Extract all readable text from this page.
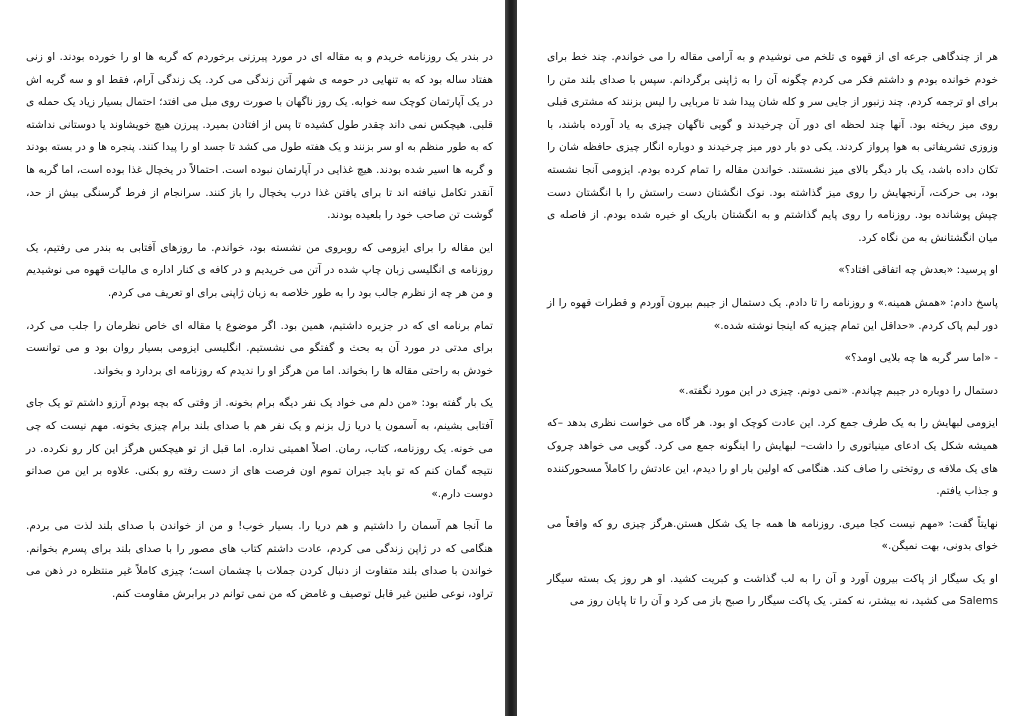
در بندر یک روزنامه خریدم و به مقاله ای در مورد پیرزنی برخوردم که گربه ها او را خورده بودند. او زنی هفتاد ساله بود که به تنهایی در حومه ی شهر آتن زندگی می کرد. یک زندگی آرام، فقط او و سه گربه اش در یک آپارتمان کوچک سه خوابه. یک روز ناگهان با صورت روی مبل می افتد؛ احتمال بسیار زیاد یک حمله ی قلبی. هیچکس نمی داند چقدر طول کشیده تا پس از افتادن بمیرد. پیرزن هیچ خویشاوند یا دوستانی نداشته که به طور منظم به او سر بزنند و یک هفته طول می کشد تا جسد او را پیدا کنند. پنجره ها و در بسته بودند و گربه ها اسیر شده بودند. هیچ غذایی در آپارتمان نبوده است. احتمالاً در یخچال غذا بوده است، اما گربه ها آنقدر تکامل نیافته اند تا برای یافتن غذا درب یخچال را باز کنند. سرانجام از فرط گرسنگی بیش از حد، گوشت تن صاحب خود را بلعیده بودند.

این مقاله را برای ایزومی که روبروی من نشسته بود، خواندم. ما روزهای آفتابی به بندر می رفتیم، یک روزنامه ی انگلیسی زبان چاپ شده در آتن می خریدیم و در کافه ی کنار اداره ی مالیات قهوه می نوشیدیم و من هر چه از نظرم جالب بود را به طور خلاصه به زبان ژاپنی برای او تعریف می کردم.

تمام برنامه ای که در جزیره داشتیم، همین بود. اگر موضوع یا مقاله ای خاص نظرمان را جلب می کرد، برای مدتی در مورد آن به بحث و گفتگو می نشستیم. انگلیسی ایزومی بسیار روان بود و می توانست خودش به راحتی مقاله ها را بخواند. اما من هرگز او را ندیدم که روزنامه ای بردارد و بخواند.

یک بار گفته بود: «من دلم می خواد یک نفر دیگه برام بخونه. از وقتی که بچه بودم آرزو داشتم تو یک جای آفتابی بشینم، به آسمون یا دریا زل بزنم و یک نفر هم با صدای بلند برام چیزی بخونه. مهم نیست که چی می خونه. یک روزنامه، کتاب، رمان. اصلاً اهمیتی نداره. اما قبل از تو هیچکس هرگز این کار رو نکرده. در نتیجه گمان کنم که تو باید جبران تموم اون فرصت های از دست رفته رو بکنی. علاوه بر این من صداتو دوست دارم.»

ما آنجا هم آسمان را داشتیم و هم دریا را. بسیار خوب! و من از خواندن با صدای بلند لذت می بردم. هنگامی که در ژاپن زندگی می کردم، عادت داشتم کتاب های مصور را با صدای بلند برای پسرم بخوانم. خواندن با صدای بلند متفاوت از دنبال کردن جملات با چشمان است؛ چیزی کاملاً غیر منتظره در ذهن می تراود، نوعی طنین غیر قابل توصیف و غامض که من نمی توانم در برابرش مقاومت کنم.

هر از چندگاهی جرعه ای از قهوه ی تلخم می نوشیدم و به آرامی مقاله را می خواندم. چند خط برای خودم خوانده بودم و داشتم فکر می کردم چگونه آن را به ژاپنی برگردانم. سپس با صدای بلند متن را برای او ترجمه کردم. چند زنبور از جایی سر و کله شان پیدا شد تا مربایی را لیس بزنند که مشتری قبلی روی میز ریخته بود. آنها چند لحظه ای دور آن چرخیدند و گویی ناگهان چیزی به یاد آورده باشند، با وزوزی تشریفاتی به هوا پرواز کردند. یکی دو بار دور میز چرخیدند و دوباره انگار چیزی حافظه شان را تکان داده باشد، یک بار دیگر بالای میز نشستند. خواندن مقاله را تمام کرده بودم. ایزومی آنجا نشسته بود، بی حرکت، آرنجهایش را روی میز گذاشته بود. نوک انگشتان دست راستش را با انگشتان دست چپش پوشانده بود. روزنامه را روی پایم گذاشتم و به انگشتان باریک او خیره شده بودم. از فاصله ی میان انگشتانش به من نگاه کرد.

او پرسید: «بعدش چه اتفاقی افتاد؟»

پاسخ دادم: «همش همینه.» و روزنامه را تا دادم. یک دستمال از جیبم بیرون آوردم و قطرات قهوه را از دور لبم پاک کردم. «حداقل این تمام چیزیه که اینجا نوشته شده.»

- «اما سر گربه ها چه بلایی اومد؟»

دستمال را دوباره در جیبم چپاندم. «نمی دونم. چیزی در این مورد نگفته.»

ایزومی لبهایش را به یک طرف جمع کرد. این عادت کوچک او بود. هر گاه می خواست نظری بدهد –که همیشه شکل یک ادعای مینیاتوری را داشت– لبهایش را اینگونه جمع می کرد. گویی می خواهد چروک های یک ملافه ی روتختی را صاف کند. هنگامی که اولین بار او را دیدم، این عادتش را کاملاً مسحورکننده و جذاب یافتم.

نهایتاً گفت: «مهم نیست کجا میری. روزنامه ها همه جا یک شکل هستن.هرگز چیزی رو که واقعاً می خوای بدونی، بهت نمیگن.»

او یک سیگار از پاکت بیرون آورد و آن را به لب گذاشت و کبریت کشید. او هر روز یک بسته سیگار Salems می کشید، نه بیشتر، نه کمتر. یک پاکت سیگار را صبح باز می کرد و آن را تا پایان روز می
